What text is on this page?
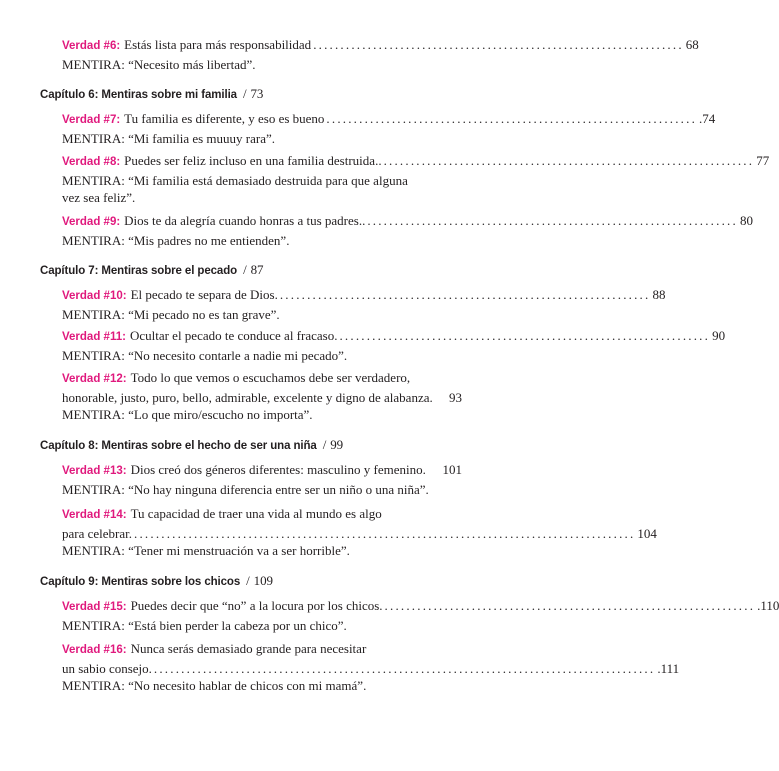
Verdad #6: Estás lista para más responsabilidad .................................................................... 68
MENTIRA: “Necesito más libertad”.
Capítulo 6: Mentiras sobre mi familia / 73
Verdad #7: Tu familia es diferente, y eso es bueno .................................................................... .74
MENTIRA: “Mi familia es muuuy rara”.
Verdad #8: Puedes ser feliz incluso en una familia destruida.. .................................................................... 77
MENTIRA: “Mi familia está demasiado destruida para que alguna
vez sea feliz”.
Verdad #9: Dios te da alegría cuando honras a tus padres.. .................................................................... 80
MENTIRA: “Mis padres no me entienden”.
Capítulo 7: Mentiras sobre el pecado / 87
Verdad #10: El pecado te separa de Dios. .................................................................... 88
MENTIRA: “Mi pecado no es tan grave”.
Verdad #11: Ocultar el pecado te conduce al fracaso. .................................................................... 90
MENTIRA: “No necesito contarle a nadie mi pecado”.
Verdad #12: Todo lo que vemos o escuchamos debe ser verdadero,
honorable, justo, puro, bello, admirable, excelente y digno de alabanza. 93
MENTIRA: “Lo que miro/escucho no importa”.
Capítulo 8: Mentiras sobre el hecho de ser una niña / 99
Verdad #13: Dios creó dos géneros diferentes: masculino y femenino. 101
MENTIRA: “No hay ninguna diferencia entre ser un niño o una niña”.
Verdad #14: Tu capacidad de traer una vida al mundo es algo
para celebrar. ............................................................................................ 104
MENTIRA: “Tener mi menstruación va a ser horrible”.
Capítulo 9: Mentiras sobre los chicos / 109
Verdad #15: Puedes decir que “no” a la locura por los chicos. .................................................................... .110
MENTIRA: “Está bien perder la cabeza por un chico”.
Verdad #16: Nunca serás demasiado grande para necesitar
un sabio consejo. ............................................................................................ .111
MENTIRA: “No necesito hablar de chicos con mi mamá”.
